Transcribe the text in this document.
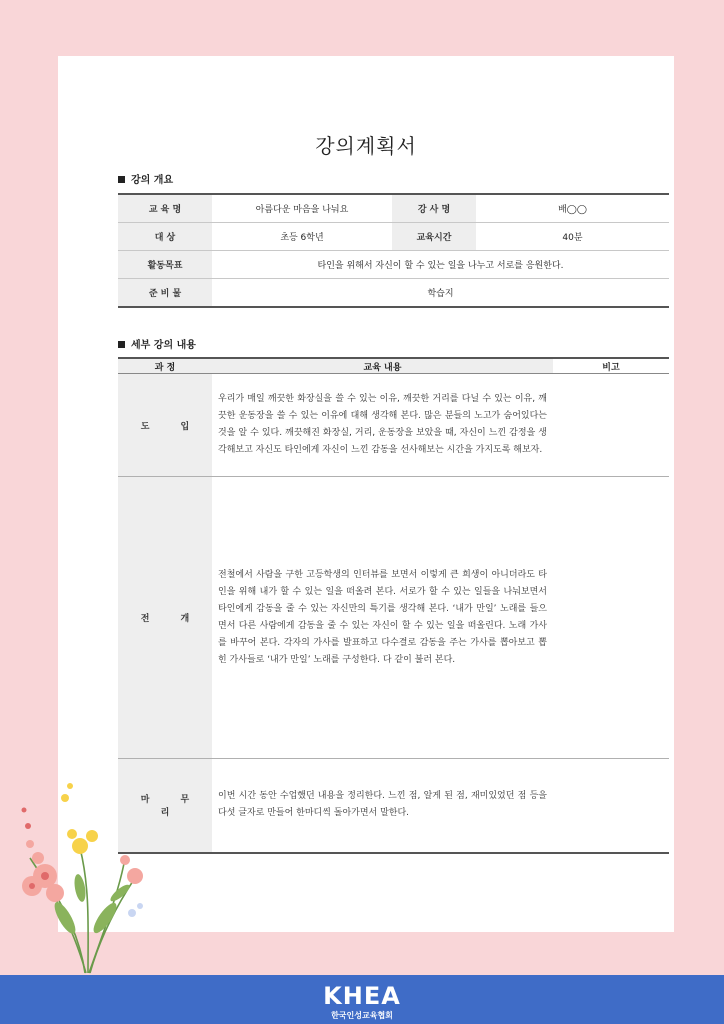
강의계획서
강의 개요
교 육 명	아름다운 마음을 나눠요	강 사 명	배◯◯
대 상	초등 6학년	교육시간	40분
활동목표	타인을 위해서 자신이 할 수 있는 일을 나누고 서로를 응원한다.		
준 비 물	학습지		
세부 강의 내용
과 정	교육 내용	비고
도 입	우리가 매일 깨끗한 화장실을 쓸 수 있는 이유, 깨끗한 거리를 다닐 수 있는 이유, 깨끗한 운동장을 쓸 수 있는 이유에 대해 생각해 본다. 많은 분들의 노고가 숨어있다는 것을 알 수 있다. 깨끗해진 화장실, 거리, 운동장을 보았을 때, 자신이 느낀 감정을 생각해보고 자신도 타인에게 자신이 느낀 감동을 선사해보는 시간을 가지도록 해보자.	
전 개	전철에서 사람을 구한 고등학생의 인터뷰를 보면서 이렇게 큰 희생이 아니더라도 타인을 위해 내가 할 수 있는 일을 떠올려 본다. 서로가 할 수 있는 일들을 나눠보면서 타인에게 감동을 줄 수 있는 자신만의 특기를 생각해 본다. ‘내가 만일’ 노래를 들으면서 다른 사람에게 감동을 줄 수 있는 자신이 할 수 있는 일을 떠올린다. 노래 가사를 바꾸어 본다. 각자의 가사를 발표하고 다수결로 감동을 주는 가사를 뽑아보고 뽑힌 가사들로 ‘내가 만일’ 노래를 구성한다. 다 같이 불러 본다.	
마 무 리	이번 시간 동안 수업했던 내용을 정리한다. 느낀 점, 알게 된 점, 재미있었던 점 등을 다섯 글자로 만들어 한마디씩 돌아가면서 말한다.	
KHEA
한국인성교육협회
